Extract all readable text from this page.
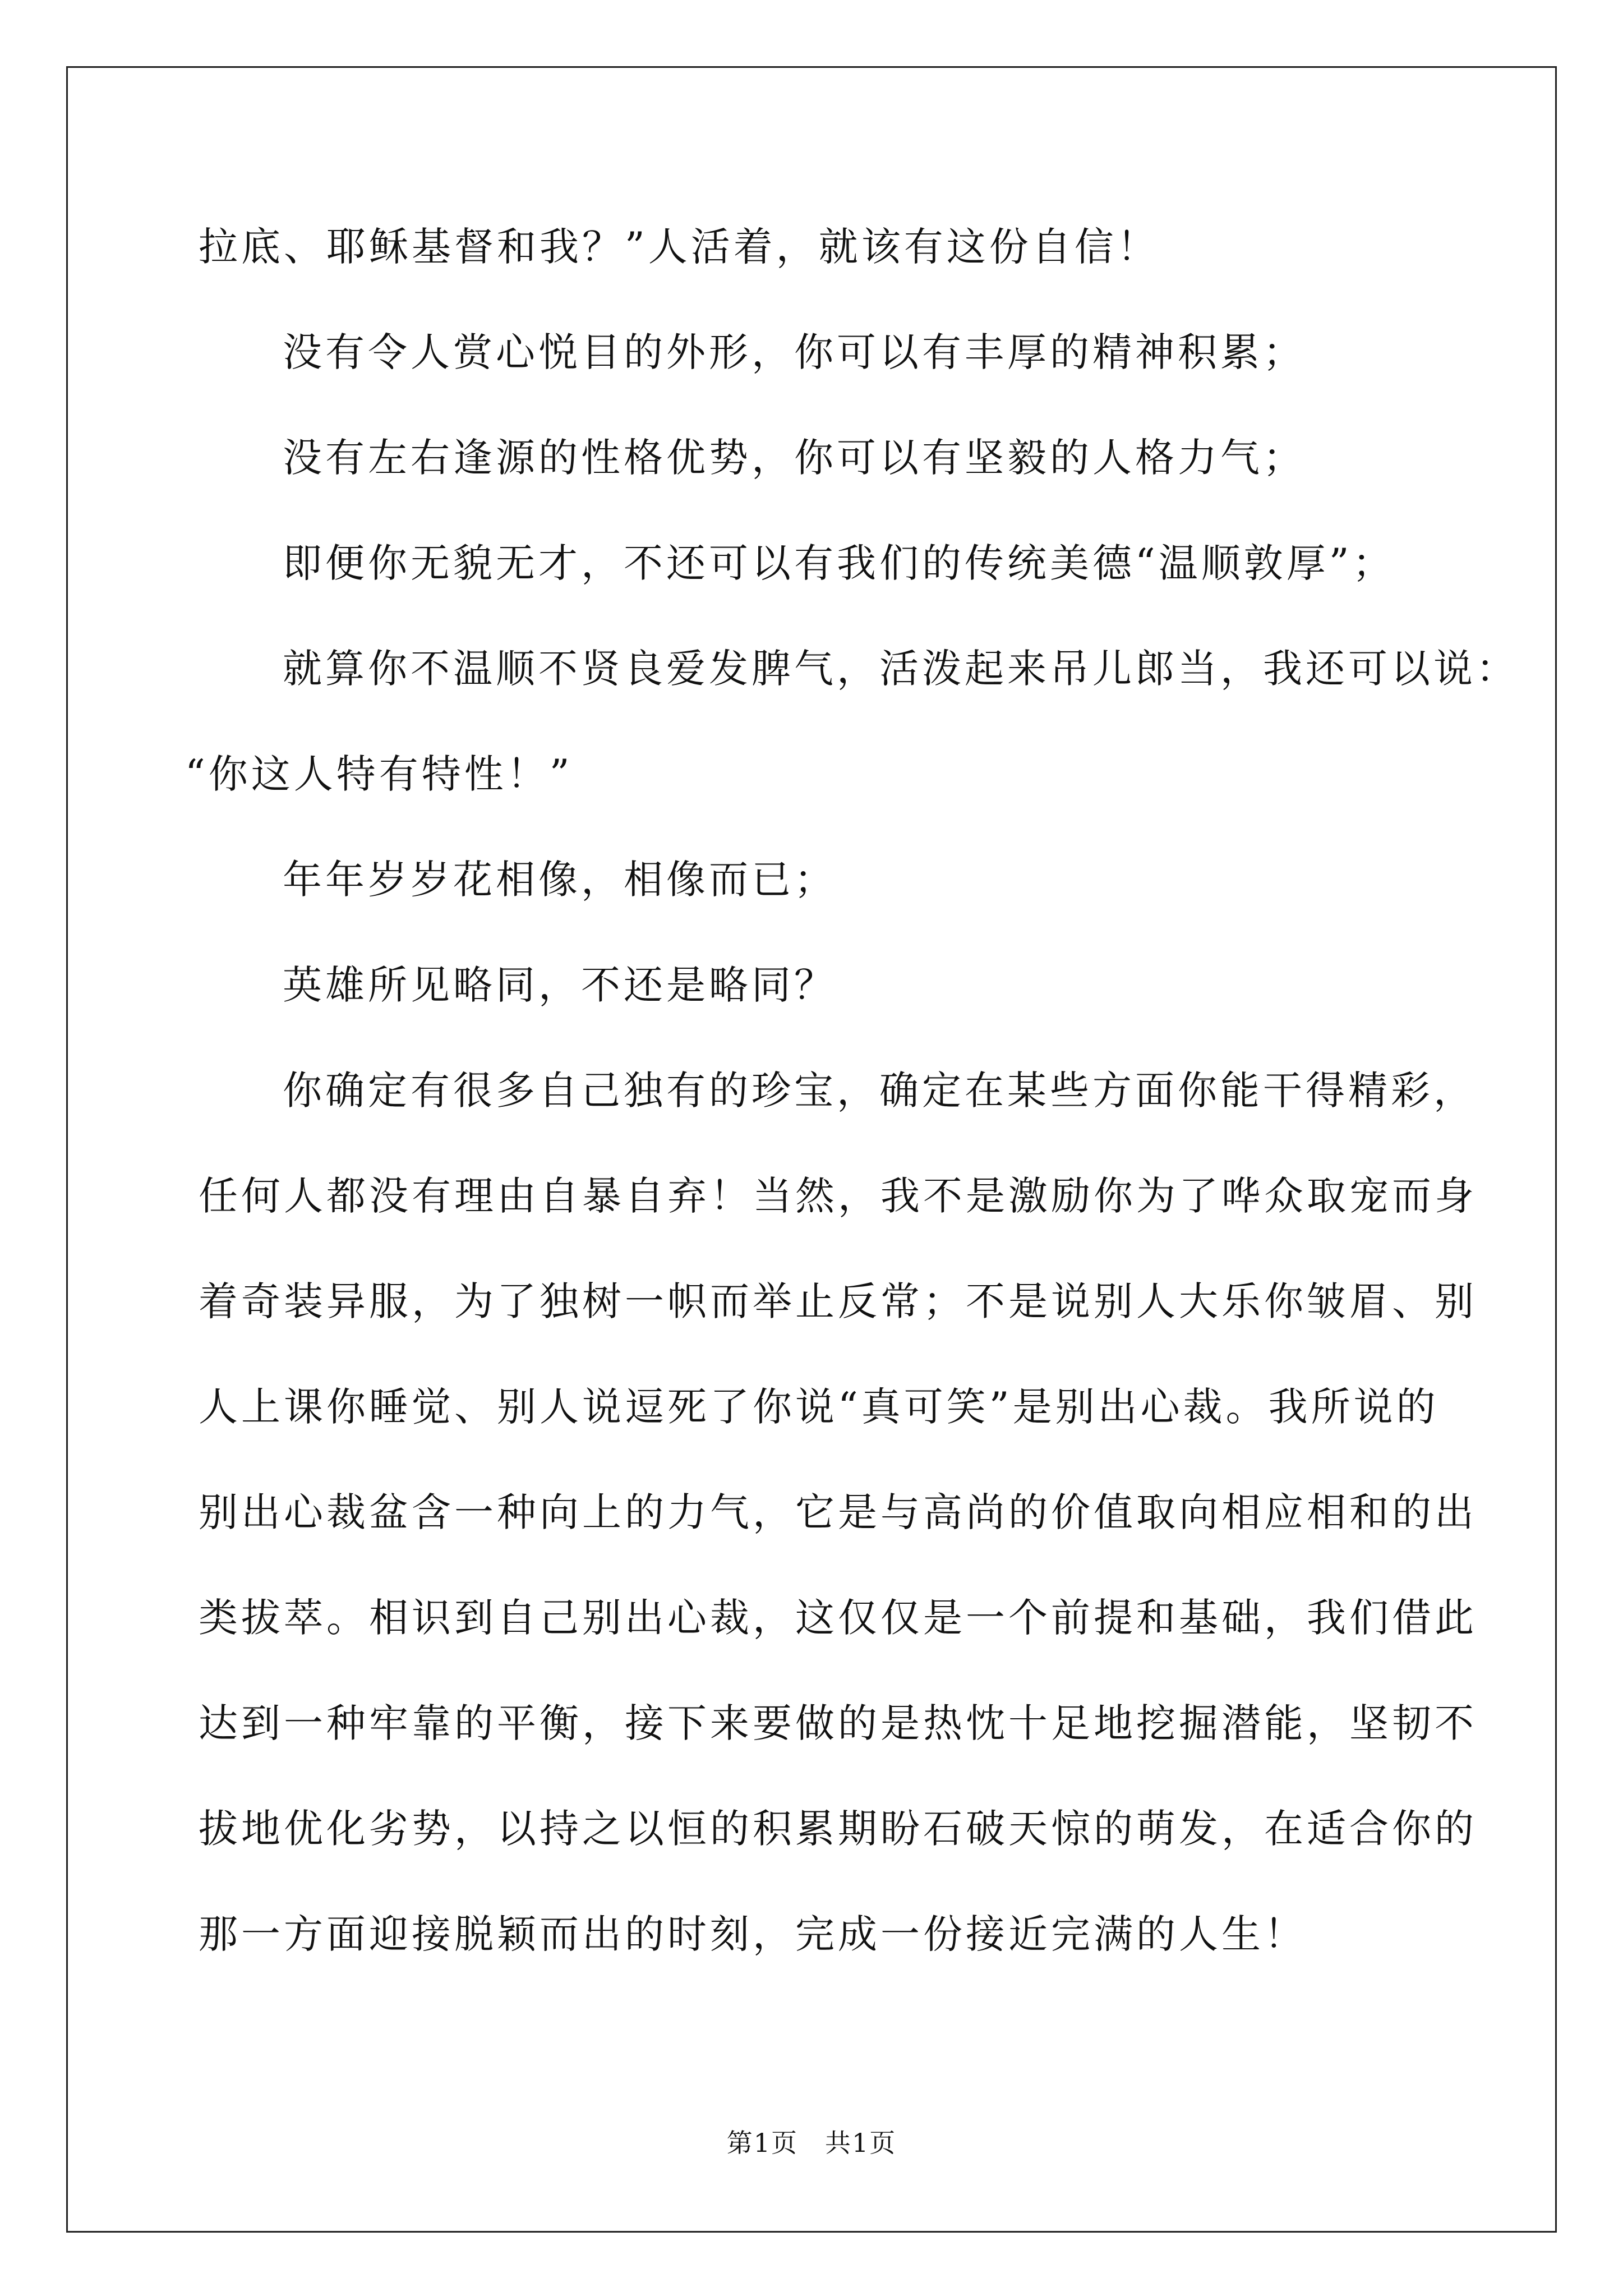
拉底、耶稣基督和我？”人活着，就该有这份自信！
没有令人赏心悦目的外形，你可以有丰厚的精神积累；
没有左右逢源的性格优势，你可以有坚毅的人格力气；
即便你无貌无才，不还可以有我们的传统美德“温顺敦厚”；
就算你不温顺不贤良爱发脾气，活泼起来吊儿郎当，我还可以说：
“你这人特有特性！”
年年岁岁花相像，相像而已；
英雄所见略同，不还是略同？
你确定有很多自己独有的珍宝，确定在某些方面你能干得精彩，
任何人都没有理由自暴自弃！当然，我不是激励你为了哗众取宠而身
着奇装异服，为了独树一帜而举止反常；不是说别人大乐你皱眉、别
人上课你睡觉、别人说逗死了你说“真可笑”是别出心裁。我所说的
别出心裁盆含一种向上的力气，它是与高尚的价值取向相应相和的出
类拔萃。相识到自己别出心裁，这仅仅是一个前提和基础，我们借此
达到一种牢靠的平衡，接下来要做的是热忱十足地挖掘潜能，坚韧不
拔地优化劣势，以持之以恒的积累期盼石破天惊的萌发，在适合你的
那一方面迎接脱颖而出的时刻，完成一份接近完满的人生！
第1页　共1页
